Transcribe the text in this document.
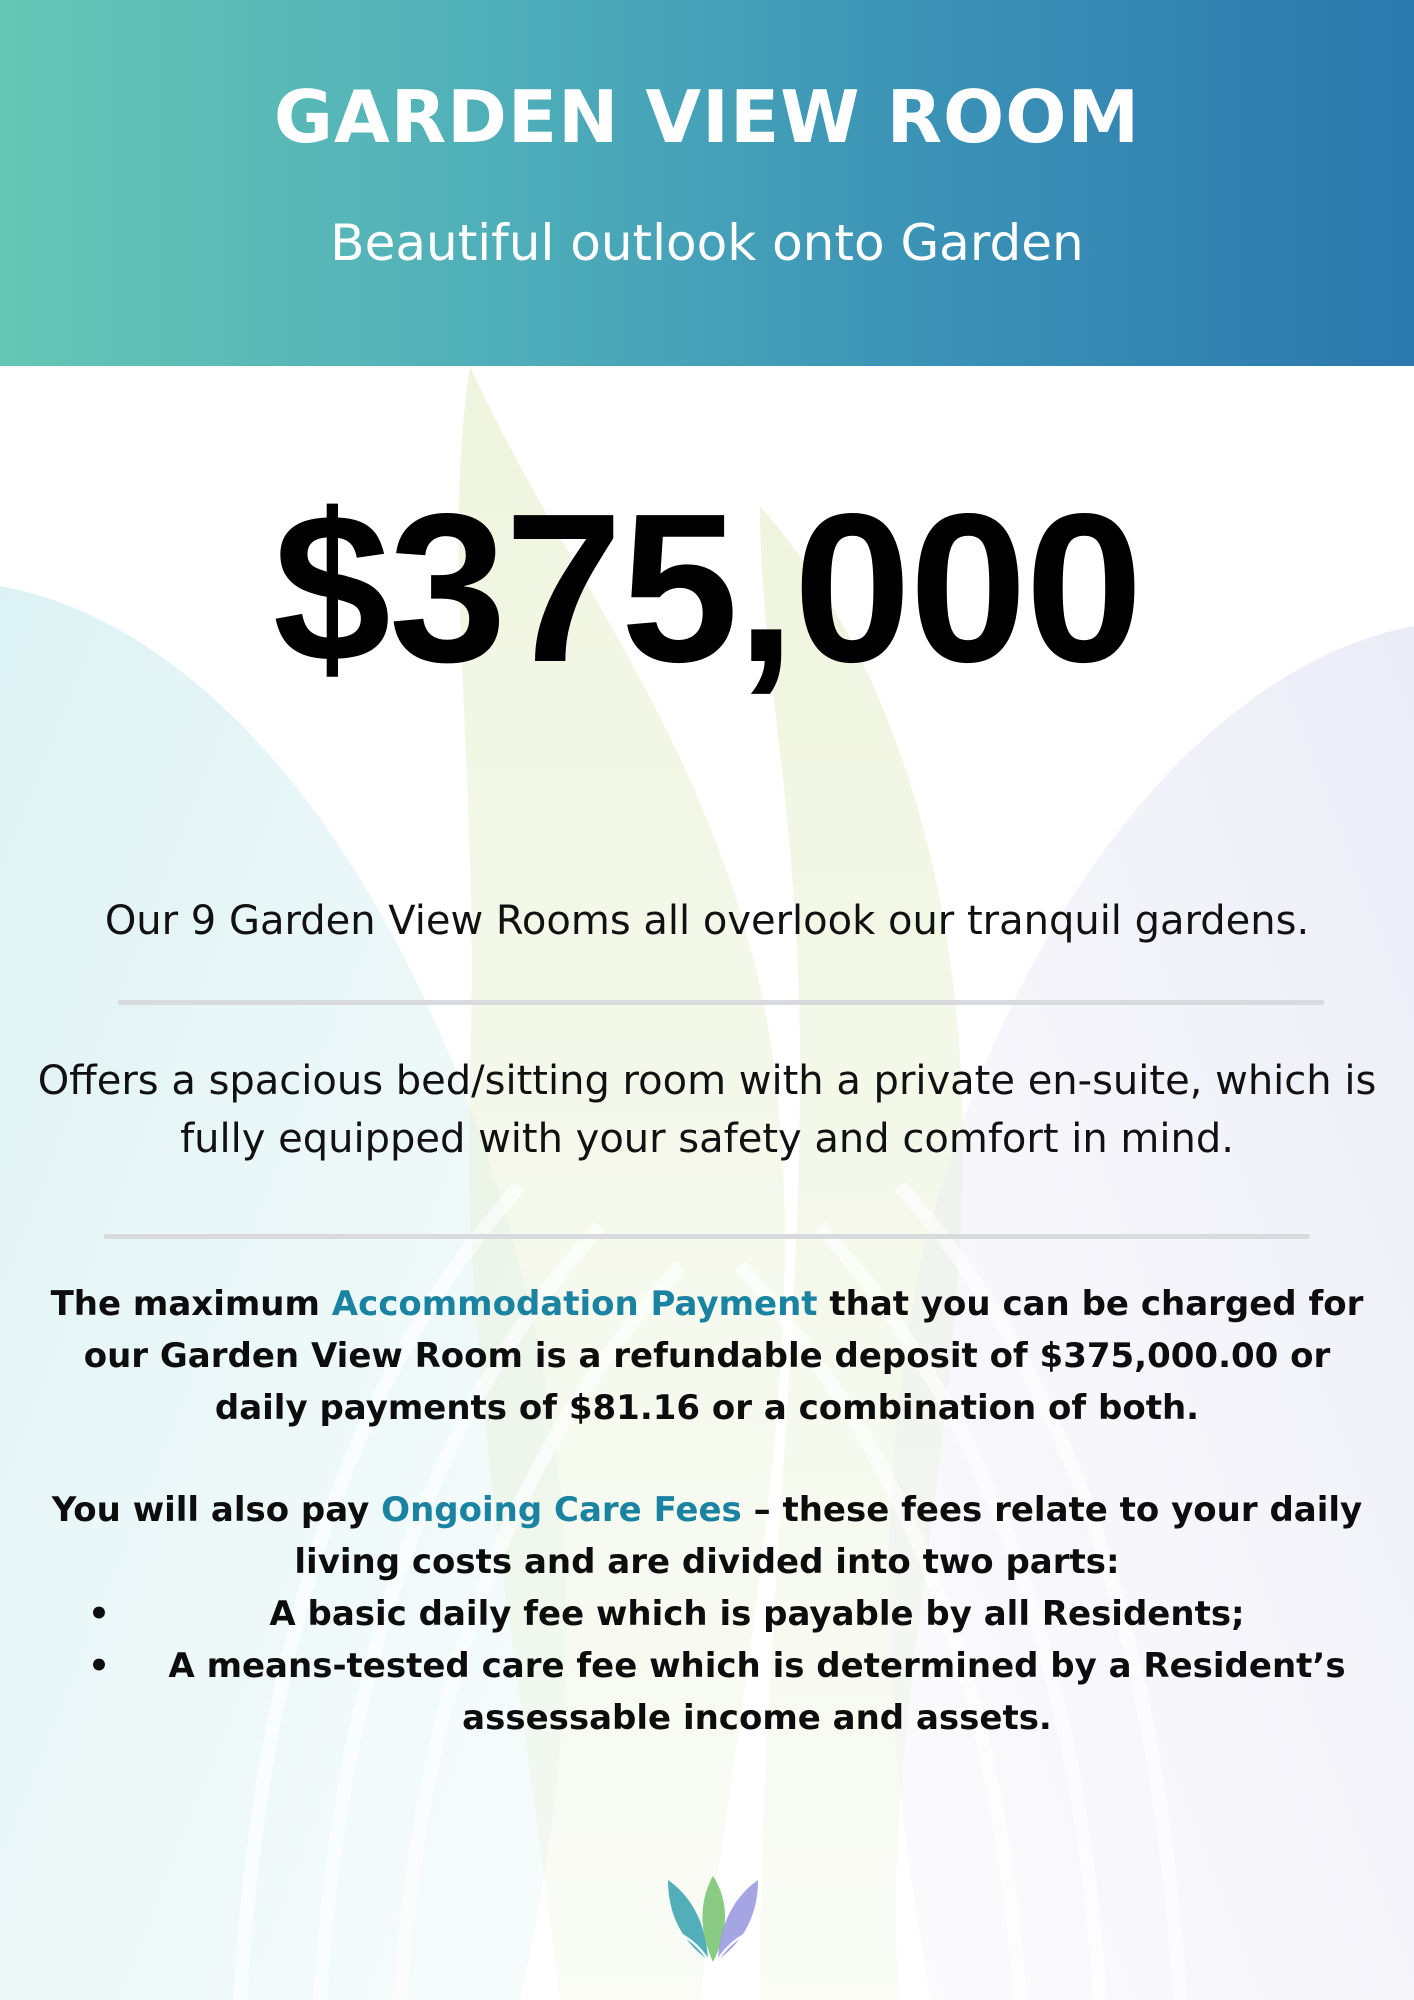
GARDEN VIEW ROOM
Beautiful outlook onto Garden
$375,000
Our 9 Garden View Rooms all overlook our tranquil gardens.
Offers a spacious bed/sitting room with a private en-suite, which is fully equipped with your safety and comfort in mind.
The maximum Accommodation Payment that you can be charged for our Garden View Room is a refundable deposit of $375,000.00 or daily payments of $81.16 or a combination of both.
You will also pay Ongoing Care Fees – these fees relate to your daily living costs and are divided into two parts:
•	A basic daily fee which is payable by all Residents;
• A means-tested care fee which is determined by a Resident’s assessable income and assets.
